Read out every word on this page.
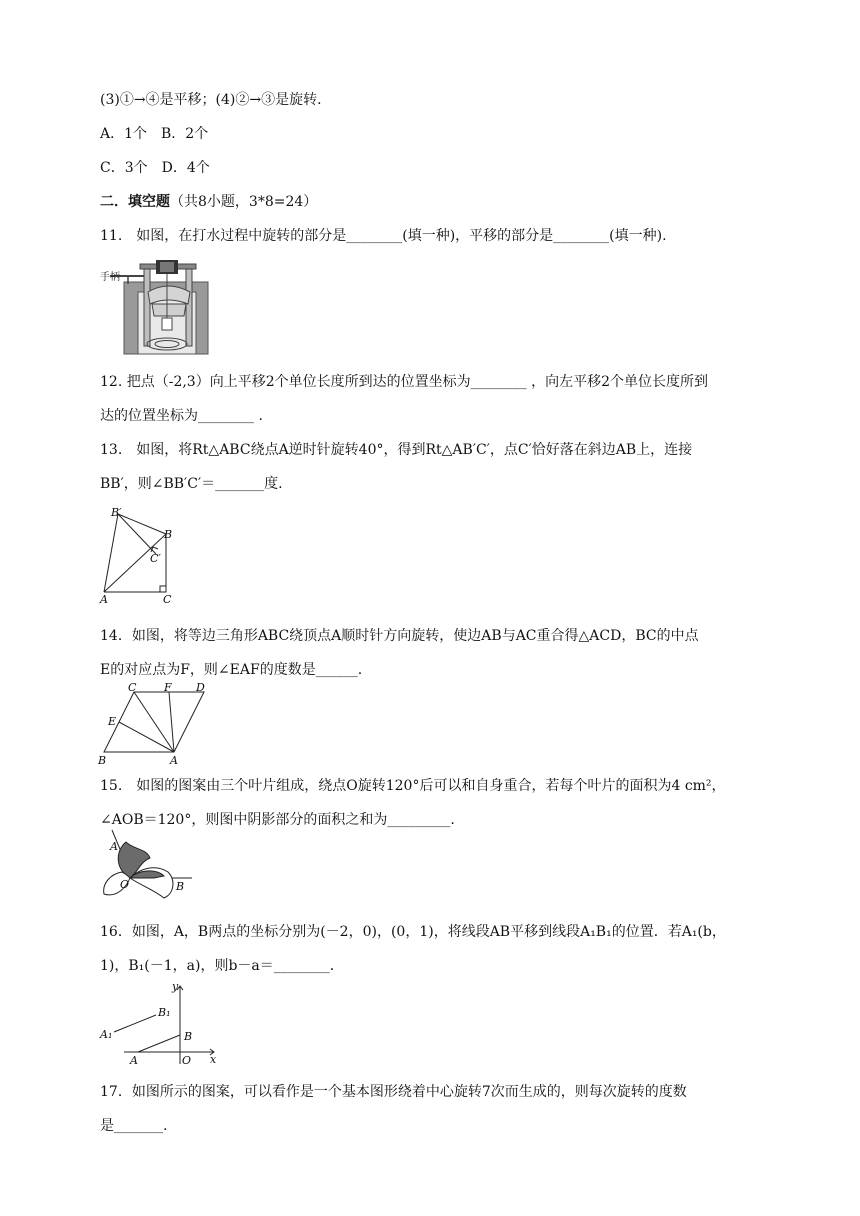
(3)①→④是平移；(4)②→③是旋转．
A．1个　B．2个
C．3个　D．4个
二．填空题（共8小题，3*8=24）
11.　如图，在打水过程中旋转的部分是________(填一种)，平移的部分是________(填一种).
手柄
12. 把点（-2,3）向上平移2个单位长度所到达的位置坐标为________ ，向左平移2个单位长度所到
达的位置坐标为________ .
13.　如图，将Rt△ABC绕点A逆时针旋转40°，得到Rt△AB′C′，点C′恰好落在斜边AB上，连接
BB′，则∠BB′C′＝_______度.
B′
B
C′
A	C
14．如图，将等边三角形ABC绕顶点A顺时针方向旋转，使边AB与AC重合得△ACD，BC的中点
E的对应点为F，则∠EAF的度数是______.
C	F D
E
B	A
15.　如图的图案由三个叶片组成，绕点O旋转120°后可以和自身重合，若每个叶片的面积为4 cm²，
∠AOB＝120°，则图中阴影部分的面积之和为_________.
A
O	B
16．如图，A，B两点的坐标分别为(－2，0)，(0，1)，将线段AB平移到线段A₁B₁的位置．若A₁(b，
1)，B₁(－1，a)，则b－a＝________．
y
x
B₁
A₁	B
A	O
17．如图所示的图案，可以看作是一个基本图形绕着中心旋转7次而生成的，则每次旋转的度数
是_______.
